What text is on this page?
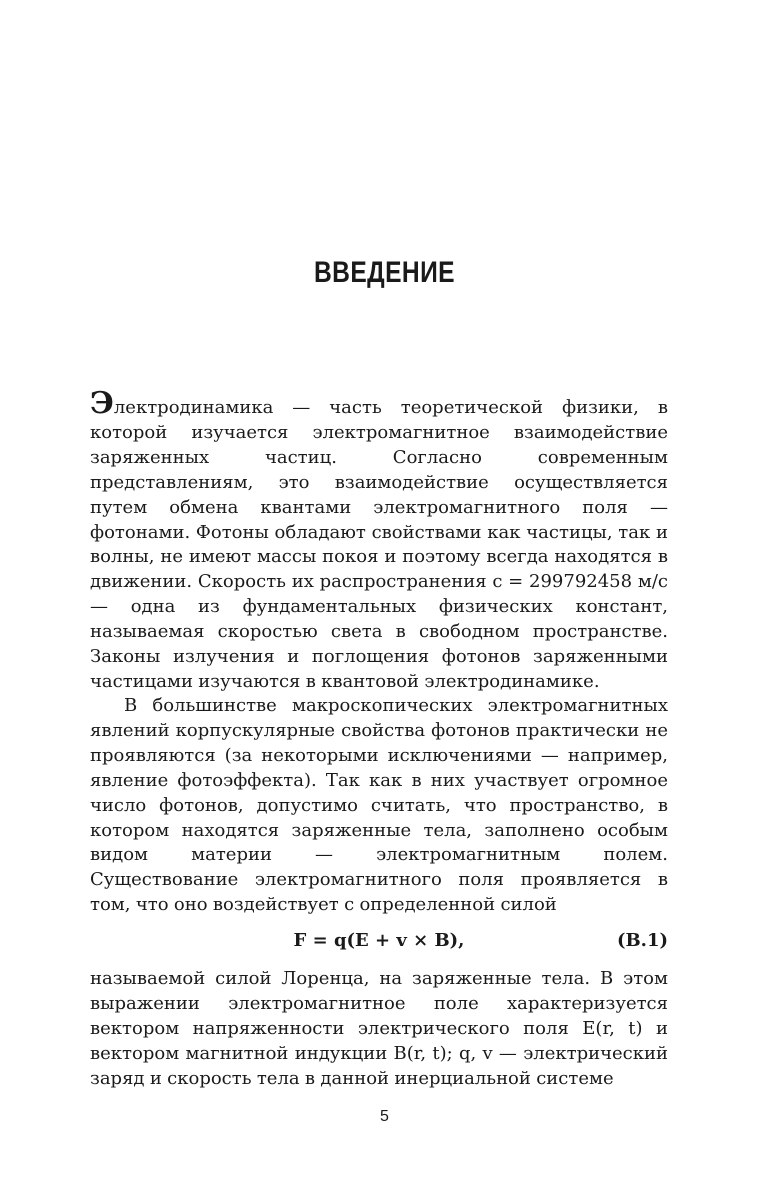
ВВЕДЕНИЕ

Электродинамика — часть теоретической физики, в которой изучается электромагнитное взаимодействие заряженных частиц. Согласно современным представлениям, это взаимодействие осуществляется путем обмена квантами электромагнитного поля — фотонами. Фотоны обладают свойствами как частицы, так и волны, не имеют массы покоя и поэтому всегда находятся в движении. Скорость их распространения c = 299792458 м/с — одна из фундаментальных физических констант, называемая скоростью света в свободном пространстве. Законы излучения и поглощения фотонов заряженными частицами изучаются в квантовой электродинамике.

В большинстве макроскопических электромагнитных явлений корпускулярные свойства фотонов практически не проявляются (за некоторыми исключениями — например, явление фотоэффекта). Так как в них участвует огромное число фотонов, допустимо считать, что пространство, в котором находятся заряженные тела, заполнено особым видом материи — электромагнитным полем. Существование электромагнитного поля проявляется в том, что оно воздействует с определенной силой

F = q(E + v × B),	(В.1)

называемой силой Лоренца, на заряженные тела. В этом выражении электромагнитное поле характеризуется вектором напряженности электрического поля E(r, t) и вектором магнитной индукции B(r, t); q, v — электрический заряд и скорость тела в данной инерциальной системе

5
